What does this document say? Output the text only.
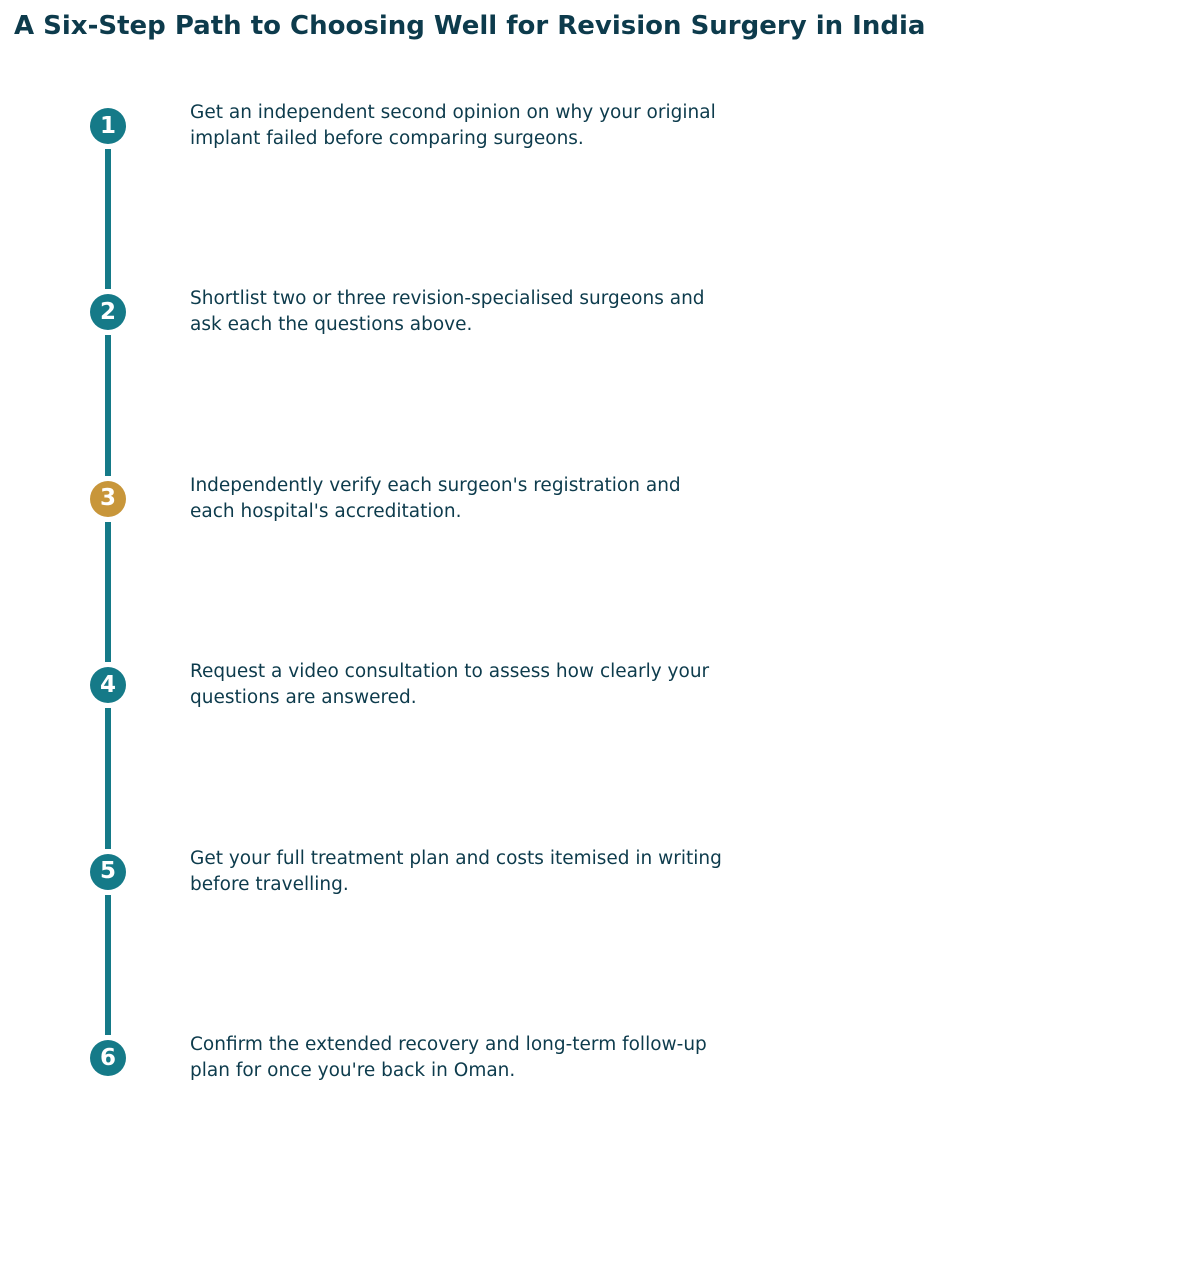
A Six-Step Path to Choosing Well for Revision Surgery in India
1	Get an independent second opinion on why your original implant failed before comparing surgeons.

2	Shortlist two or three revision-specialised surgeons and ask each the questions above.

3	Independently verify each surgeon's registration and each hospital's accreditation.

4	Request a video consultation to assess how clearly your questions are answered.

5	Get your full treatment plan and costs itemised in writing before travelling.

6	Confirm the extended recovery and long-term follow-up plan for once you're back in Oman.
